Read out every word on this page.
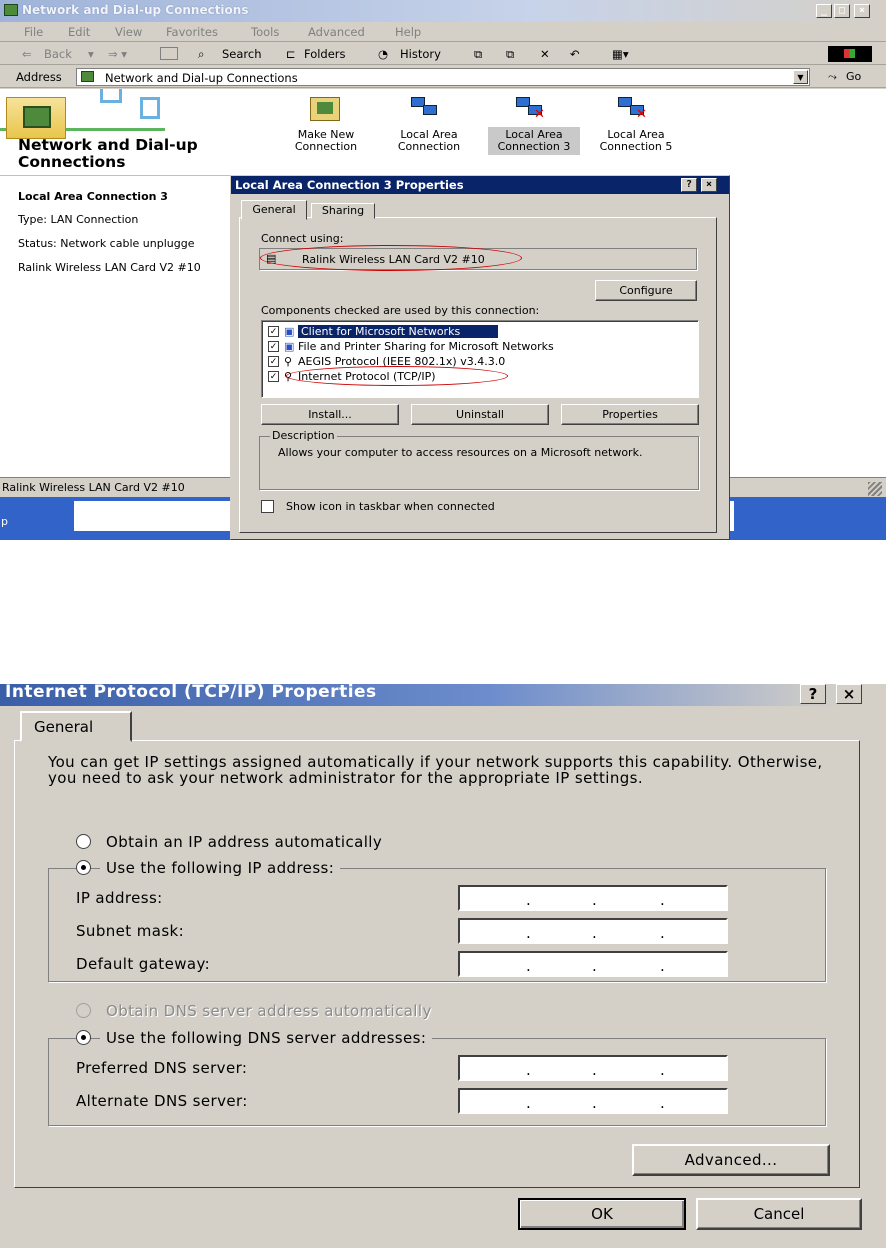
Network and Dial-up Connections	_	□	×
File Edit View Favorites	Tools Advanced	Help
⇐ Back ▾ ⇒ ▾	⌕ Search ⊏ Folders	◔ History	⧉ ⧉ ✕ ↶	▦▾
Address	Network and Dial-up Connections	▼	⤳ Go
Network and Dial-up Connections
Local Area Connection 3
Type: LAN Connection
Status: Network cable unplugge
Ralink Wireless LAN Card V2 #10
Make New
Connection
Local Area
Connection
✕
Local Area
Connection 3
✕
Local Area
Connection 5
Ralink Wireless LAN Card V2 #10
p
Local Area Connection 3 Properties	?	×
General	Sharing
Connect using:
▤ Ralink Wireless LAN Card V2 #10
Configure
Components checked are used by this connection:
✓ ▣ Client for Microsoft Networks
✓ ▣ File and Printer Sharing for Microsoft Networks
✓ ⚲ AEGIS Protocol (IEEE 802.1x) v3.4.3.0
✓ ⚲ Internet Protocol (TCP/IP)
Install...	Uninstall	Properties
Description
Allows your computer to access resources on a Microsoft network.
Show icon in taskbar when connected
Internet Protocol (TCP/IP) Properties	?	×
General
You can get IP settings assigned automatically if your network supports this capability. Otherwise, you need to ask your network administrator for the appropriate IP settings.
Obtain an IP address automatically
Use the following IP address:
IP address:	.	.	.
Subnet mask:	.	.	.
Default gateway:	.	.	.
Obtain DNS server address automatically
Use the following DNS server addresses:
Preferred DNS server:	.	.	.
Alternate DNS server:	.	.	.
Advanced...
OK	Cancel
